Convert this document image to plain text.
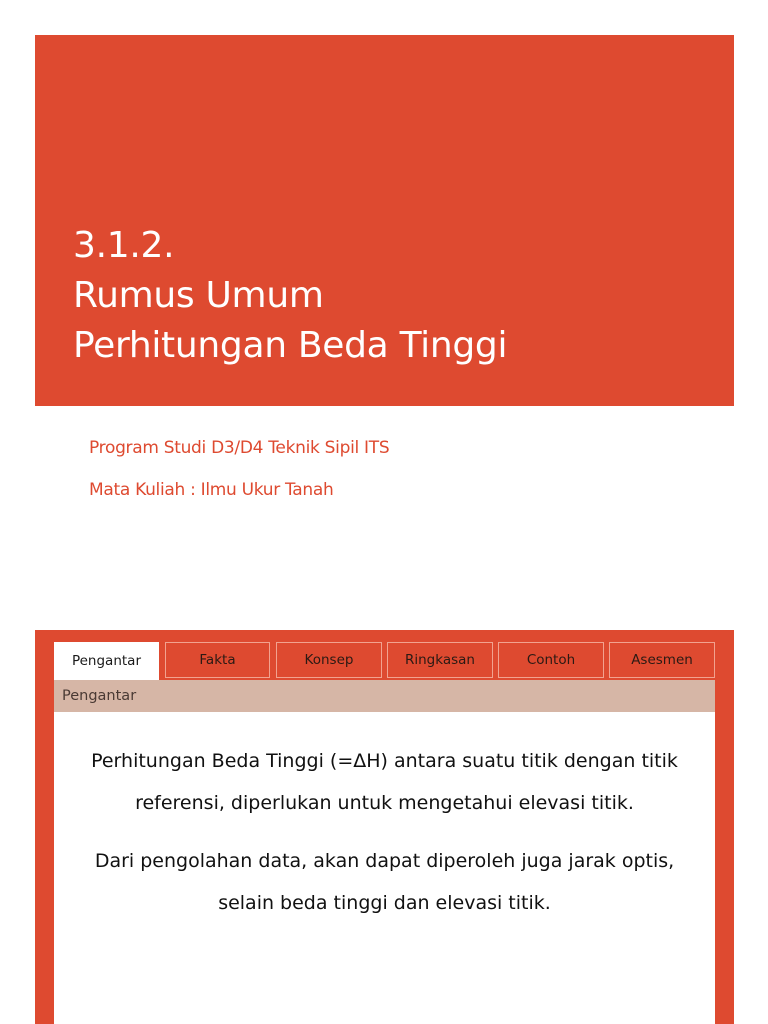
3.1.2.
Rumus Umum
Perhitungan Beda Tinggi
Program Studi D3/D4 Teknik Sipil ITS
Mata Kuliah : Ilmu Ukur Tanah
Pengantar	Fakta	Konsep	Ringkasan	Contoh	Asesmen
Pengantar

Perhitungan Beda Tinggi (=ΔH) antara suatu titik dengan titik referensi, diperlukan untuk mengetahui elevasi titik.

Dari pengolahan data, akan dapat diperoleh juga jarak optis, selain beda tinggi dan elevasi titik.
